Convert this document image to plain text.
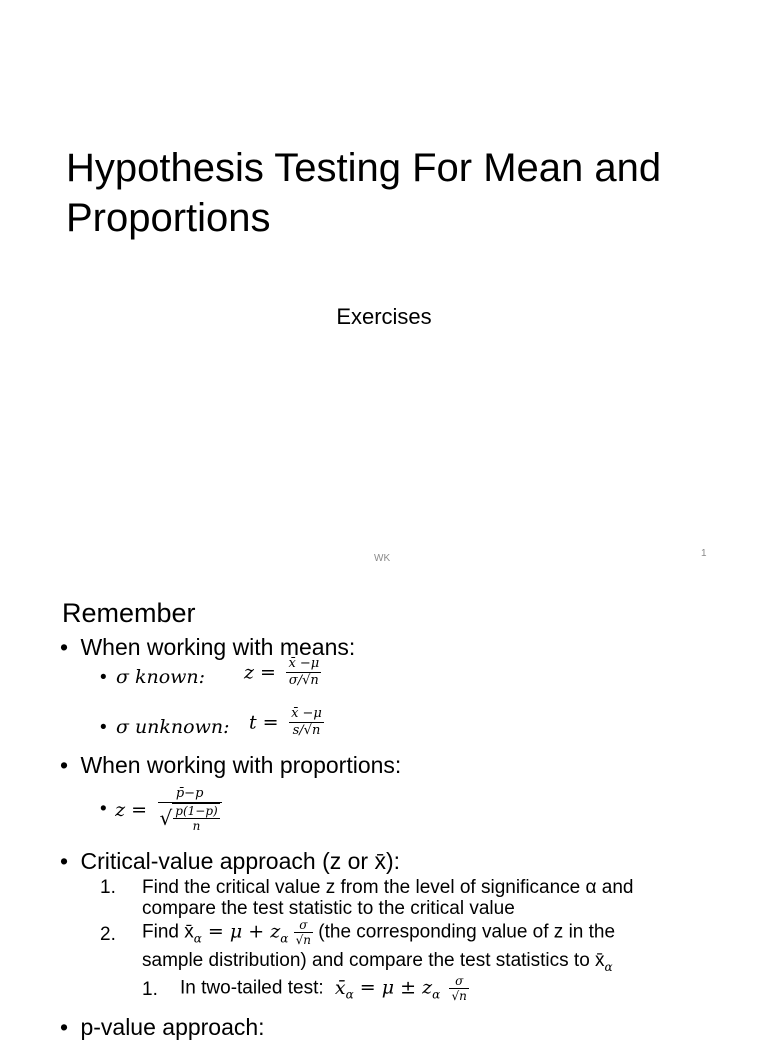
Hypothesis Testing For Mean and
Proportions
Exercises
WK	1
Remember
• When working with means:
• σ known: $z = \frac{x̄ -\mu}{\sigma/√n}$
• σ unknown: $t = \frac{x̄ -\mu}{s/√n}$
• When working with proportions:
• $z = \frac{p̄-p}{√ \frac{p(1-p)}{n}}$
• Critical-value approach (z or x̄):
1. Find the critical value z from the level of significance α and
compare the test statistic to the critical value
2. Find $x̄_\alpha = \mu + z_\alpha \frac{\sigma}{√n} (the$ corresponding value of z in the
sample distribution) and compare the test statistics to $x̄_\alpha$
1. In two-tailed test: $x̄_\alpha = \mu \pm z_\alpha \frac{\sigma}{√n}$
• p-value approach:
